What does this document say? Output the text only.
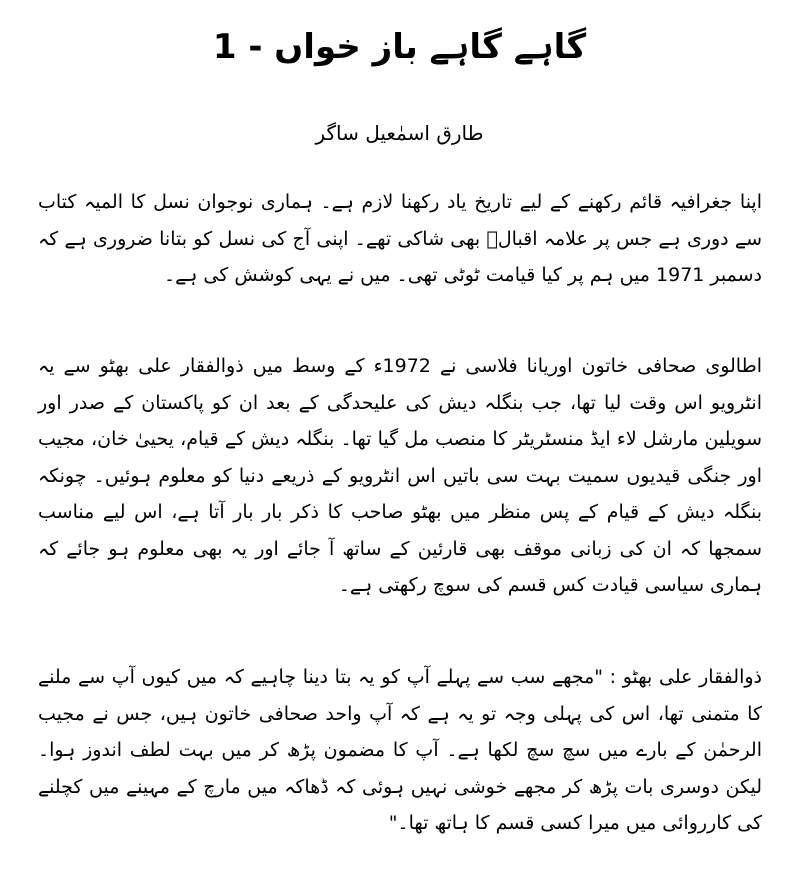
گاہے گاہے باز خواں - 1

طارق اسمٰعیل ساگر

اپنا جغرافیہ قائم رکھنے کے لیے تاریخ یاد رکھنا لازم ہے۔ ہماری نوجوان نسل کا المیہ کتاب سے دوری ہے جس پر علامہ اقبالؒ بھی شاکی تھے۔ اپنی آج کی نسل کو بتانا ضروری ہے کہ دسمبر 1971 میں ہم پر کیا قیامت ٹوٹی تھی۔ میں نے یہی کوشش کی ہے۔

اطالوی صحافی خاتون اوریانا فلاسی نے 1972ء کے وسط میں ذوالفقار علی بھٹو سے یہ انٹرویو اس وقت لیا تھا، جب بنگلہ دیش کی علیحدگی کے بعد ان کو پاکستان کے صدر اور سویلین مارشل لاء ایڈ منسٹریٹر کا منصب مل گیا تھا۔ بنگلہ دیش کے قیام، یحییٰ خان، مجیب اور جنگی قیدیوں سمیت بہت سی باتیں اس انٹرویو کے ذریعے دنیا کو معلوم ہوئیں۔ چونکہ بنگلہ دیش کے قیام کے پس منظر میں بھٹو صاحب کا ذکر بار بار آتا ہے، اس لیے مناسب سمجھا کہ ان کی زبانی موقف بھی قارئین کے ساتھ آ جائے اور یہ بھی معلوم ہو جائے کہ ہماری سیاسی قیادت کس قسم کی سوچ رکھتی ہے۔

ذوالفقار علی بھٹو : "مجھے سب سے پہلے آپ کو یہ بتا دینا چاہیے کہ میں کیوں آپ سے ملنے کا متمنی تھا، اس کی پہلی وجہ تو یہ ہے کہ آپ واحد صحافی خاتون ہیں، جس نے مجیب الرحمٰن کے بارے میں سچ سچ لکھا ہے۔ آپ کا مضمون پڑھ کر میں بہت لطف اندوز ہوا۔ لیکن دوسری بات پڑھ کر مجھے خوشی نہیں ہوئی کہ ڈھاکہ میں مارچ کے مہینے میں کچلنے کی کارروائی میں میرا کسی قسم کا ہاتھ تھا۔"
